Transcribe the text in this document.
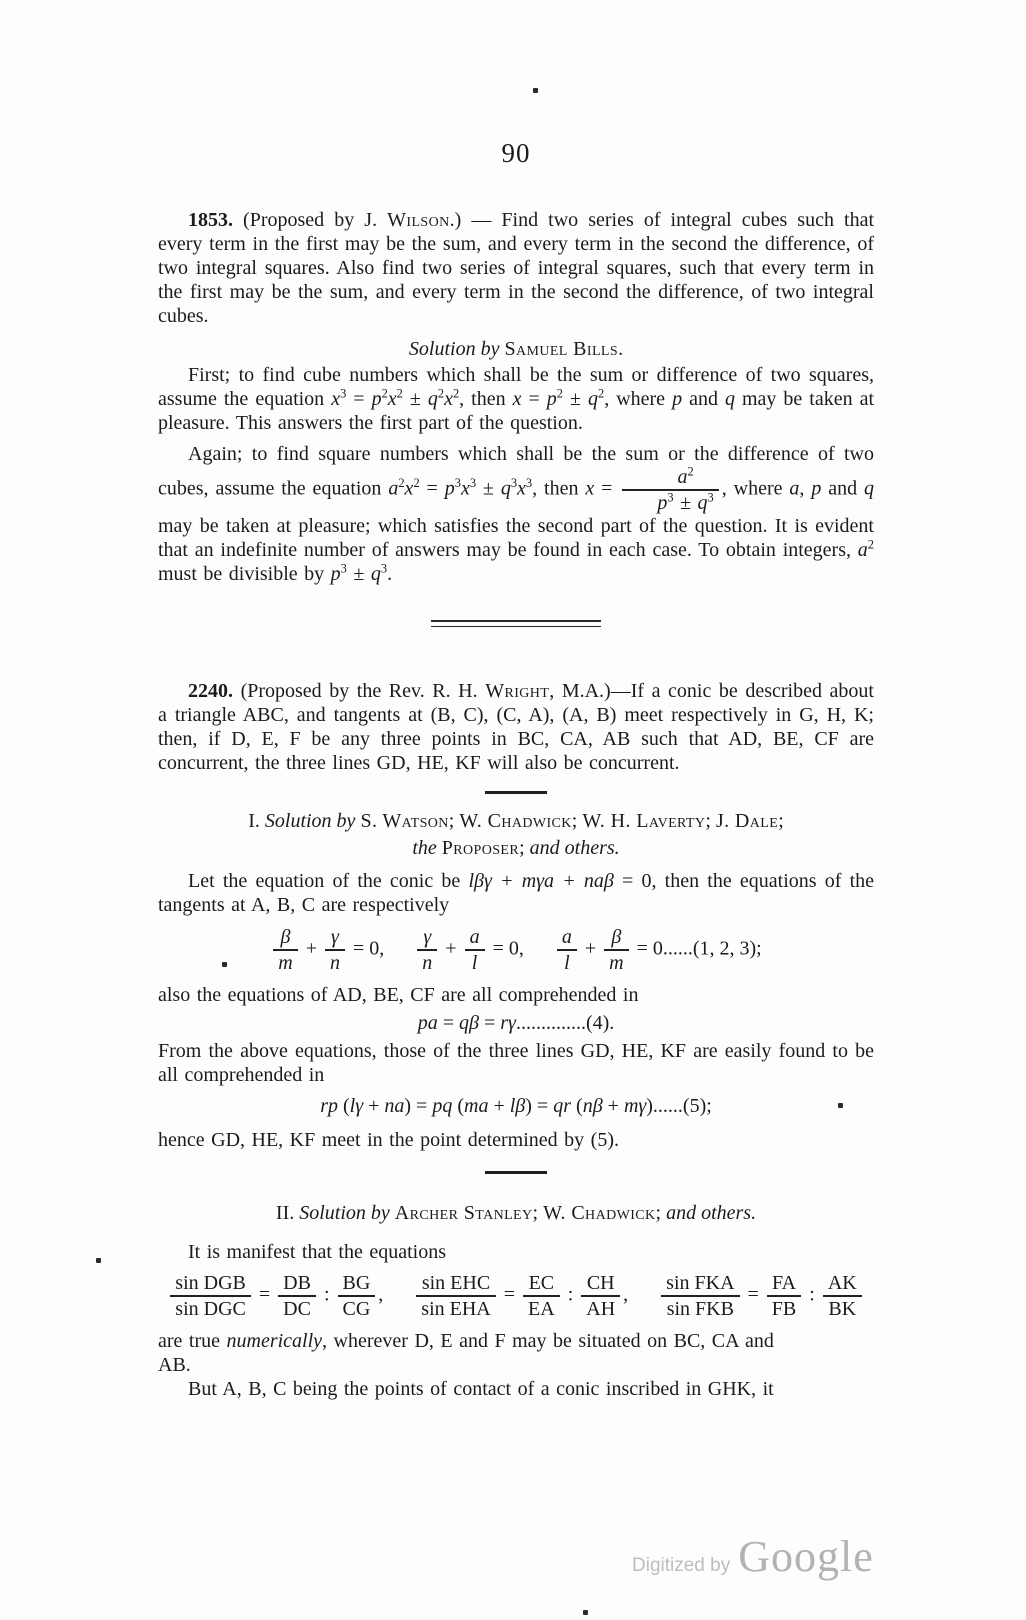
90

1853. (Proposed by J. Wilson.) — Find two series of integral cubes such that every term in the first may be the sum, and every term in the second the difference, of two integral squares. Also find two series of integral squares, such that every term in the first may be the sum, and every term in the second the difference, of two integral cubes.

Solution by Samuel Bills.

First; to find cube numbers which shall be the sum or difference of two squares, assume the equation $x^3 = p^2x^2 \pm q^2x^2$, then $x = p^2 \pm q^2$, where p and q may be taken at pleasure. This answers the first part of the question.

Again; to find square numbers which shall be the sum or the difference of two cubes, assume the equation $a^2x^2 = p^3x^3 \pm q^3x^3$, then $x = \frac{a^2}{p^3 \pm q^3}$ , where a, p and q may be taken at pleasure; which satisfies the second part of the question. It is evident that an indefinite number of answers may be found in each case. To obtain integers, $a^2$ must be divisible by $p^3 \pm q^3$.

2240. (Proposed by the Rev. R. H. Wright, M.A.)—If a conic be described about a triangle ABC, and tangents at (B, C), (C, A), (A, B) meet respectively in G, H, K; then, if D, E, F be any three points in BC, CA, AB such that AD, BE, CF are concurrent, the three lines GD, HE, KF will also be concurrent.

I. Solution by S. Watson; W. Chadwick; W. H. Laverty; J. Dale;
the Proposer; and others.

Let the equation of the conic be lβγ + mγa + naβ = 0, then the equations of the tangents at A, B, C are respectively

$\frac{\beta}{m} + \frac{\gamma}{n} = 0$, $\frac{\gamma}{n} + \frac{a}{l} = 0$, $\frac{a}{l} + \frac{\beta}{m} = 0......(1$, 2, 3);

also the equations of AD, BE, CF are all comprehended in

pa = qβ = rγ..............(4).

From the above equations, those of the three lines GD, HE, KF are easily found to be all comprehended in

rp (lγ + na) = pq (ma + lβ) = qr (nβ + mγ)......(5);

hence GD, HE, KF meet in the point determined by (5).

II. Solution by Archer Stanley; W. Chadwick; and others.

It is manifest that the equations

$\frac{\text{sin DGB}}{\text{sin DGC}} = \frac{DB}{DC}$ : $\frac{BG}{CG}$ , $\frac{\text{sin EHC}}{\text{sin EHA}} = \frac{EC}{EA}$ : $\frac{CH}{AH}$ , $\frac{\text{sin FKA}}{\text{sin FKB}} = \frac{FA}{FB}$ : $\frac{AK}{BK}$

are true numerically, wherever D, E and F may be situated on BC, CA and
AB.

But A, B, C being the points of contact of a conic inscribed in GHK, it

Digitized by Google
